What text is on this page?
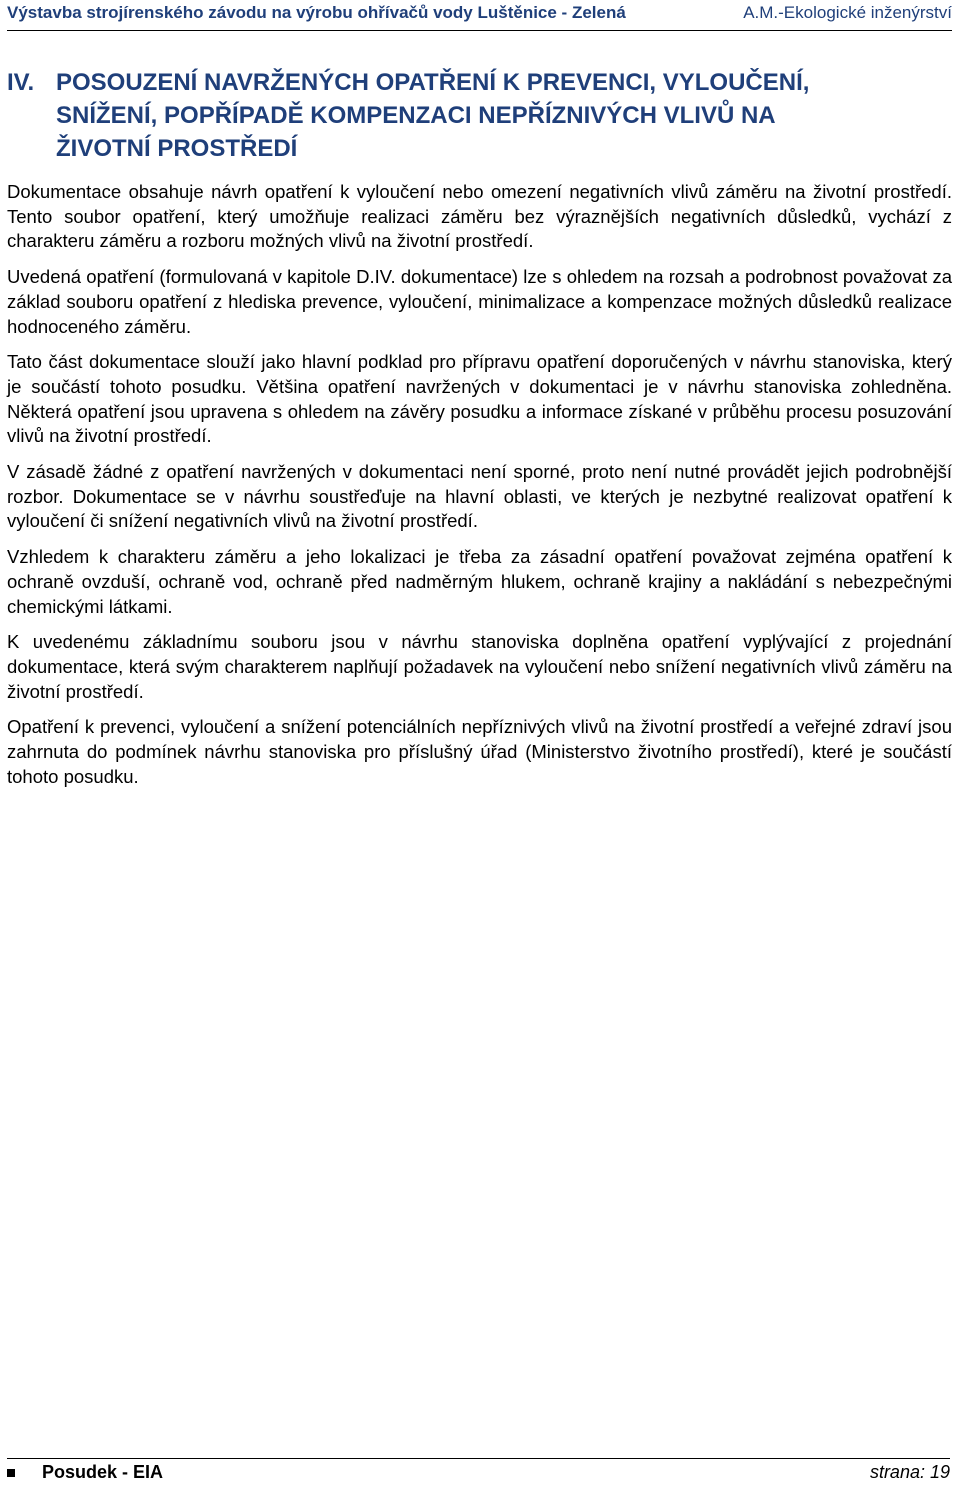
Výstavba strojírenského závodu na výrobu ohřívačů vody Luštěnice - Zelená	A.M.-Ekologické inženýrství
IV. POSOUZENÍ NAVRŽENÝCH OPATŘENÍ K PREVENCI, VYLOUČENÍ,
SNÍŽENÍ, POPŘÍPADĚ KOMPENZACI NEPŘÍZNIVÝCH VLIVŮ NA
ŽIVOTNÍ PROSTŘEDÍ

Dokumentace obsahuje návrh opatření k vyloučení nebo omezení negativních vlivů záměru na životní prostředí. Tento soubor opatření, který umožňuje realizaci záměru bez výraznějších negativních důsledků, vychází z charakteru záměru a rozboru možných vlivů na životní prostředí.

Uvedená opatření (formulovaná v kapitole D.IV. dokumentace) lze s ohledem na rozsah a podrobnost považovat za základ souboru opatření z hlediska prevence, vyloučení, minimalizace a kompenzace možných důsledků realizace hodnoceného záměru.

Tato část dokumentace slouží jako hlavní podklad pro přípravu opatření doporučených v návrhu stanoviska, který je součástí tohoto posudku. Většina opatření navržených v dokumentaci je v návrhu stanoviska zohledněna. Některá opatření jsou upravena s ohledem na závěry posudku a informace získané v průběhu procesu posuzování vlivů na životní prostředí.

V zásadě žádné z opatření navržených v dokumentaci není sporné, proto není nutné provádět jejich podrobnější rozbor. Dokumentace se v návrhu soustřeďuje na hlavní oblasti, ve kterých je nezbytné realizovat opatření k vyloučení či snížení negativních vlivů na životní prostředí.

Vzhledem k charakteru záměru a jeho lokalizaci je třeba za zásadní opatření považovat zejména opatření k ochraně ovzduší, ochraně vod, ochraně před nadměrným hlukem, ochraně krajiny a nakládání s nebezpečnými chemickými látkami.

K uvedenému základnímu souboru jsou v návrhu stanoviska doplněna opatření vyplývající z projednání dokumentace, která svým charakterem naplňují požadavek na vyloučení nebo snížení negativních vlivů záměru na životní prostředí.

Opatření k prevenci, vyloučení a snížení potenciálních nepříznivých vlivů na životní prostředí a veřejné zdraví jsou zahrnuta do podmínek návrhu stanoviska pro příslušný úřad (Ministerstvo životního prostředí), které je součástí tohoto posudku.

Posudek - EIA	strana: 19
